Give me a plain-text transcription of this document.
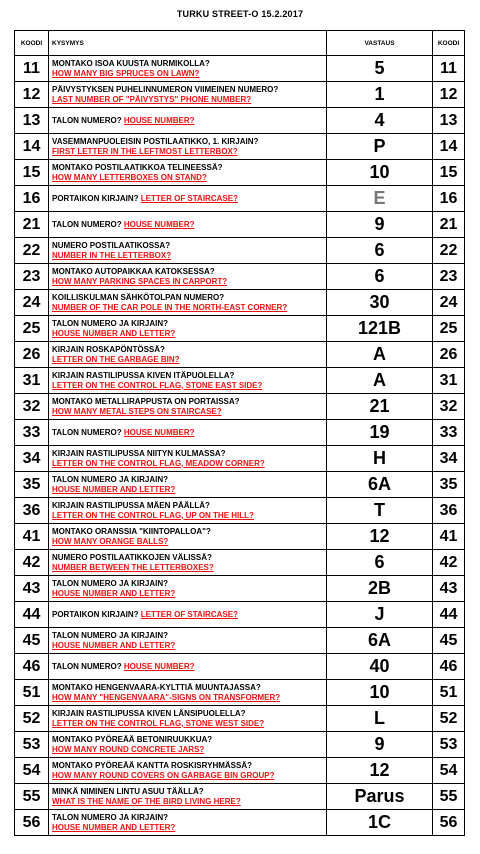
TURKU STREET-O 15.2.2017
KOODI	KYSYMYS	VASTAUS	KOODI
11	MONTAKO ISOA KUUSTA NURMIKOLLA?
HOW MANY BIG SPRUCES ON LAWN?	5	11
12	PÄIVYSTYKSEN PUHELINNUMERON VIIMEINEN NUMERO?
LAST NUMBER OF "PÄIVYSTYS" PHONE NUMBER?	1	12
13	TALON NUMERO? HOUSE NUMBER?	4	13
14	VASEMMANPUOLEISIN POSTILAATIKKO, 1. KIRJAIN?
FIRST LETTER IN THE LEFTMOST LETTERBOX?	P	14
15	MONTAKO POSTILAATIKKOA TELINEESSÄ?
HOW MANY LETTERBOXES ON STAND?	10	15
16	PORTAIKON KIRJAIN? LETTER OF STAIRCASE?	E	16
21	TALON NUMERO? HOUSE NUMBER?	9	21
22	NUMERO POSTILAATIKOSSA?
NUMBER IN THE LETTERBOX?	6	22
23	MONTAKO AUTOPAIKKAA KATOKSESSA?
HOW MANY PARKING SPACES IN CARPORT?	6	23
24	KOILLISKULMAN SÄHKÖTOLPAN NUMERO?
NUMBER OF THE CAR POLE IN THE NORTH-EAST CORNER?	30	24
25	TALON NUMERO JA KIRJAIN?
HOUSE NUMBER AND LETTER?	121B	25
26	KIRJAIN ROSKAPÖNTÖSSÄ?
LETTER ON THE GARBAGE BIN?	A	26
31	KIRJAIN RASTILIPUSSA KIVEN ITÄPUOLELLA?
LETTER ON THE CONTROL FLAG, STONE EAST SIDE?	A	31
32	MONTAKO METALLIRAPPUSTA ON PORTAISSA?
HOW MANY METAL STEPS ON STAIRCASE?	21	32
33	TALON NUMERO? HOUSE NUMBER?	19	33
34	KIRJAIN RASTILIPUSSA NIITYN KULMASSA?
LETTER ON THE CONTROL FLAG, MEADOW CORNER?	H	34
35	TALON NUMERO JA KIRJAIN?
HOUSE NUMBER AND LETTER?	6A	35
36	KIRJAIN RASTILIPUSSA MÄEN PÄÄLLÄ?
LETTER ON THE CONTROL FLAG, UP ON THE HILL?	T	36
41	MONTAKO ORANSSIA "KIINTOPALLOA"?
HOW MANY ORANGE BALLS?	12	41
42	NUMERO POSTILAATIKKOJEN VÄLISSÄ?
NUMBER BETWEEN THE LETTERBOXES?	6	42
43	TALON NUMERO JA KIRJAIN?
HOUSE NUMBER AND LETTER?	2B	43
44	PORTAIKON KIRJAIN? LETTER OF STAIRCASE?	J	44
45	TALON NUMERO JA KIRJAIN?
HOUSE NUMBER AND LETTER?	6A	45
46	TALON NUMERO? HOUSE NUMBER?	40	46
51	MONTAKO HENGENVAARA-KYLTTIÄ MUUNTAJASSA?
HOW MANY "HENGENVAARA"-SIGNS ON TRANSFORMER?	10	51
52	KIRJAIN RASTILIPUSSA KIVEN LÄNSIPUOLELLA?
LETTER ON THE CONTROL FLAG, STONE WEST SIDE?	L	52
53	MONTAKO PYÖREÄÄ BETONIRUUKKUA?
HOW MANY ROUND CONCRETE JARS?	9	53
54	MONTAKO PYÖREÄÄ KANTTA ROSKISRYHMÄSSÄ?
HOW MANY ROUND COVERS ON GARBAGE BIN GROUP?	12	54
55	MINKÄ NIMINEN LINTU ASUU TÄÄLLÄ?
WHAT IS THE NAME OF THE BIRD LIVING HERE?	Parus	55
56	TALON NUMERO JA KIRJAIN?
HOUSE NUMBER AND LETTER?	1C	56
